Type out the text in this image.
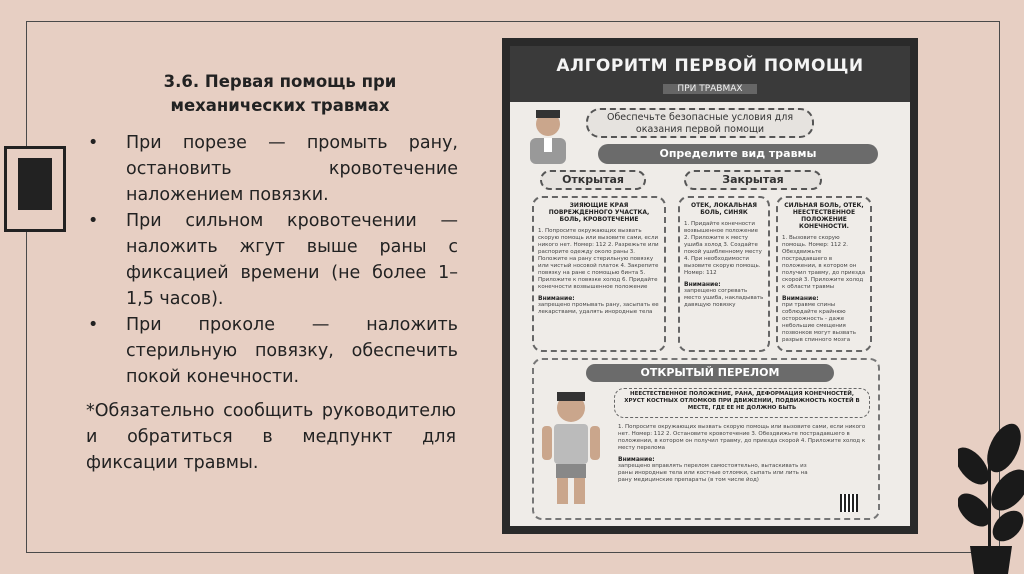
3.6. Первая помощь при
механических травмах
• При порезе — промыть рану, остановить кровотечение наложением повязки.
• При сильном кровотечении — наложить жгут выше раны с фиксацией времени (не более 1–1,5 часов).
• При проколе — наложить стерильную повязку, обеспечить покой конечности.
*Обязательно сообщить руководителю и обратиться в медпункт для фиксации травмы.
АЛГОРИТМ ПЕРВОЙ ПОМОЩИ
ПРИ ТРАВМАХ
Обеспечьте безопасные условия для оказания первой помощи
Определите вид травмы
Открытая	Закрытая
ЗИЯЮЩИЕ КРАЯ ПОВРЕЖДЕННОГО УЧАСТКА, БОЛЬ, КРОВОТЕЧЕНИЕ
1. Попросите окружающих вызвать скорую помощь или вызовите сами, если никого нет. Номер: 112 2. Разрежьте или распорите одежду около раны 3. Положите на рану стерильную повязку или чистый носовой платок 4. Закрепите повязку на ране с помощью бинта 5. Приложите к повязке холод 6. Придайте конечности возвышенное положение
Внимание:
запрещено промывать рану, засыпать ее лекарствами, удалять инородные тела
ОТЕК, ЛОКАЛЬНАЯ БОЛЬ, СИНЯК
1. Придайте конечности возвышенное положение 2. Приложите к месту ушиба холод 3. Создайте покой ушибленному месту 4. При необходимости вызовите скорую помощь. Номер: 112
Внимание:
запрещено согревать место ушиба, накладывать давящую повязку
СИЛЬНАЯ БОЛЬ, ОТЕК, НЕЕСТЕСТВЕННОЕ ПОЛОЖЕНИЕ КОНЕЧНОСТИ.
1. Вызовите скорую помощь. Номер: 112 2. Обездвижьте пострадавшего в положении, в котором он получил травму, до приезда скорой 3. Приложите холод к области травмы
Внимание:
при травме спины соблюдайте крайнюю осторожность - даже небольшие смещения позвонков могут вызвать разрыв спинного мозга
ОТКРЫТЫЙ ПЕРЕЛОМ
НЕЕСТЕСТВЕННОЕ ПОЛОЖЕНИЕ, РАНА, ДЕФОРМАЦИЯ КОНЕЧНОСТЕЙ, ХРУСТ КОСТНЫХ ОТЛОМКОВ ПРИ ДВИЖЕНИИ, ПОДВИЖНОСТЬ КОСТЕЙ В МЕСТЕ, ГДЕ ЕЕ НЕ ДОЛЖНО БЫТЬ
1. Попросите окружающих вызвать скорую помощь или вызовите сами, если никого нет. Номер: 112 2. Остановите кровотечение 3. Обездвижьте пострадавшего в положении, в котором он получил травму, до приезда скорой 4. Приложите холод к месту перелома
Внимание:
запрещено вправлять перелом самостоятельно, вытаскивать из раны инородные тела или костные отломки, сыпать или лить на рану медицинские препараты (в том числе йод)
